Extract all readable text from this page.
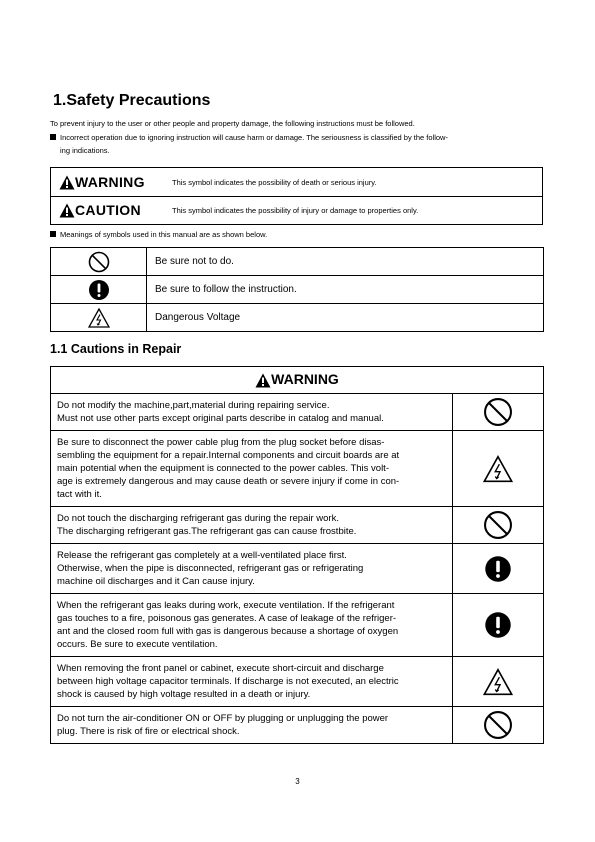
1.Safety Precautions
To prevent injury to the user or other people and property damage, the following instructions must be followed.
Incorrect operation due to ignoring instruction will cause harm or damage. The seriousness is classified by the follow-
ing indications.
WARNING	This symbol indicates the possibility of death or serious injury.
CAUTION	This symbol indicates the possibility of injury or damage to properties only.
Meanings of symbols used in this manual are as shown below.
	Be sure not to do.
	Be sure to follow the instruction.
	Dangerous Voltage
1.1 Cautions in Repair
WARNING	
Do not modify the machine,part,material during repairing service.
Must not use other parts except original parts describe in catalog and manual.	
Be sure to disconnect the power cable plug from the plug socket before disas-
sembling the equipment for a repair.Internal components and circuit boards are at
main potential when the equipment is connected to the power cables. This volt-
age is extremely dangerous and may cause death or severe injury if come in con-
tact with it.	
Do not touch the discharging refrigerant gas during the repair work.
The discharging refrigerant gas.The refrigerant gas can cause frostbite.	
Release the refrigerant gas completely at a well-ventilated place first.
Otherwise, when the pipe is disconnected, refrigerant gas or refrigerating
machine oil discharges and it Can cause injury.	
When the refrigerant gas leaks during work, execute ventilation. If the refrigerant
gas touches to a fire, poisonous gas generates. A case of leakage of the refriger-
ant and the closed room full with gas is dangerous because a shortage of oxygen
occurs. Be sure to execute ventilation.	
When removing the front panel or cabinet, execute short-circuit and discharge
between high voltage capacitor terminals. If discharge is not executed, an electric
shock is caused by high voltage resulted in a death or injury.	
Do not turn the air-conditioner ON or OFF by plugging or unplugging the power
plug. There is risk of fire or electrical shock.	
3
